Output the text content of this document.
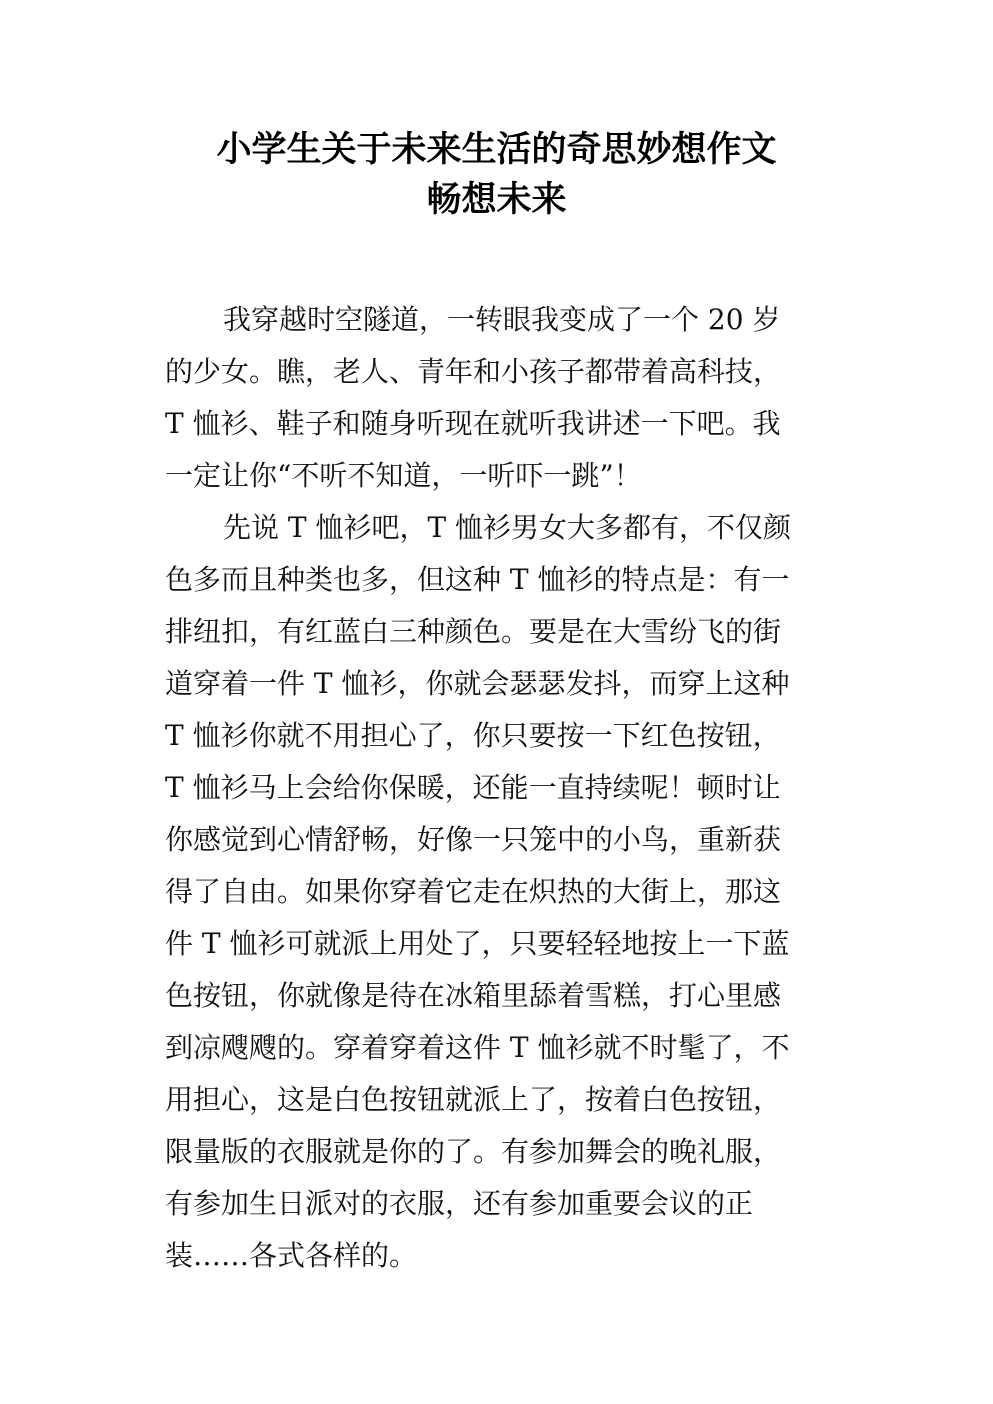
小学生关于未来生活的奇思妙想作文
畅想未来
我穿越时空隧道，一转眼我变成了一个 20 岁
的少女。瞧，老人、青年和小孩子都带着高科技，
T 恤衫、鞋子和随身听现在就听我讲述一下吧。我
一定让你“不听不知道，一听吓一跳”！
先说 T 恤衫吧，T 恤衫男女大多都有，不仅颜
色多而且种类也多，但这种 T 恤衫的特点是：有一
排纽扣，有红蓝白三种颜色。要是在大雪纷飞的街
道穿着一件 T 恤衫，你就会瑟瑟发抖，而穿上这种
T 恤衫你就不用担心了，你只要按一下红色按钮，
T 恤衫马上会给你保暖，还能一直持续呢！顿时让
你感觉到心情舒畅，好像一只笼中的小鸟，重新获
得了自由。如果你穿着它走在炽热的大街上，那这
件 T 恤衫可就派上用处了，只要轻轻地按上一下蓝
色按钮，你就像是待在冰箱里舔着雪糕，打心里感
到凉飕飕的。穿着穿着这件 T 恤衫就不时髦了，不
用担心，这是白色按钮就派上了，按着白色按钮，
限量版的衣服就是你的了。有参加舞会的晚礼服，
有参加生日派对的衣服，还有参加重要会议的正
装……各式各样的。
